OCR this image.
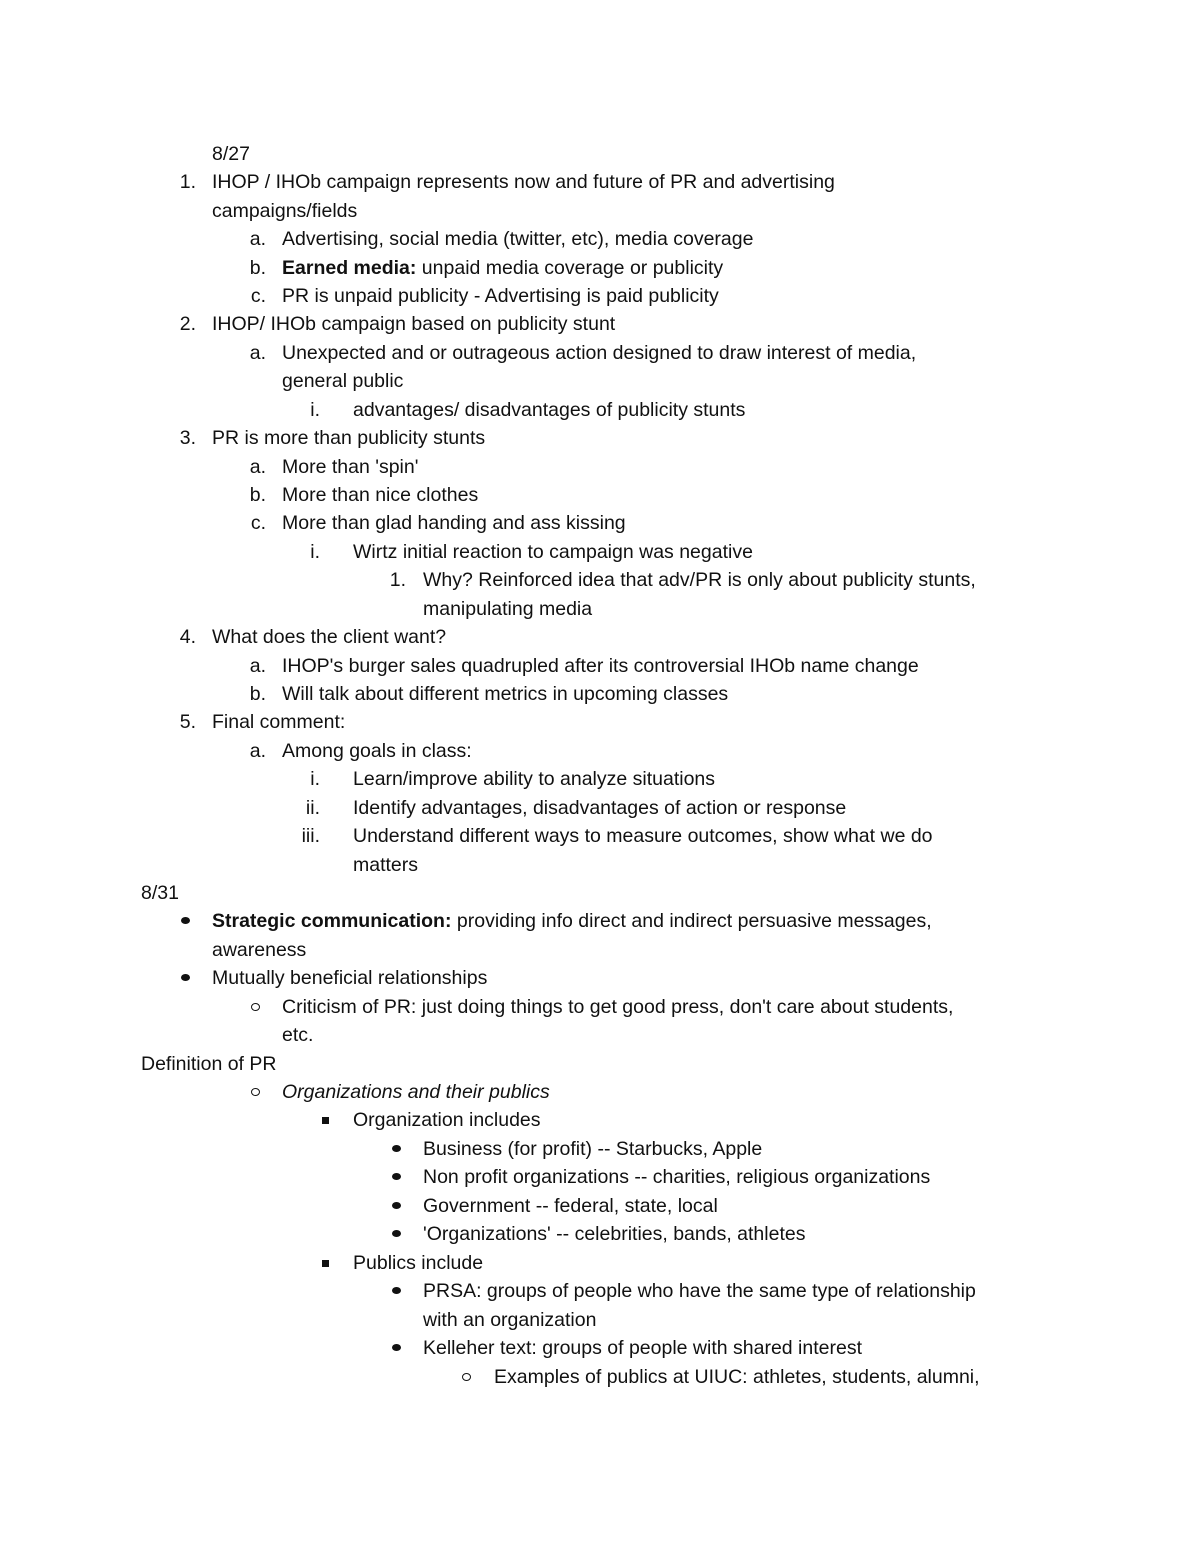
8/27
1. IHOP / IHOb campaign represents now and future of PR and advertising
campaigns/fields
a. Advertising, social media (twitter, etc), media coverage
b. Earned media: unpaid media coverage or publicity
c. PR is unpaid publicity - Advertising is paid publicity
2. IHOP/ IHOb campaign based on publicity stunt
a. Unexpected and or outrageous action designed to draw interest of media,
general public
i. advantages/ disadvantages of publicity stunts
3. PR is more than publicity stunts
a. More than 'spin'
b. More than nice clothes
c. More than glad handing and ass kissing
i. Wirtz initial reaction to campaign was negative
1. Why? Reinforced idea that adv/PR is only about publicity stunts,
manipulating media
4. What does the client want?
a. IHOP's burger sales quadrupled after its controversial IHOb name change
b. Will talk about different metrics in upcoming classes
5. Final comment:
a. Among goals in class:
i. Learn/improve ability to analyze situations
ii. Identify advantages, disadvantages of action or response
iii. Understand different ways to measure outcomes, show what we do
matters
8/31
Strategic communication: providing info direct and indirect persuasive messages,
awareness
Mutually beneficial relationships
Criticism of PR: just doing things to get good press, don't care about students,
etc.
Definition of PR
Organizations and their publics
Organization includes
Business (for profit) -- Starbucks, Apple
Non profit organizations -- charities, religious organizations
Government -- federal, state, local
'Organizations' -- celebrities, bands, athletes
Publics include
PRSA: groups of people who have the same type of relationship
with an organization
Kelleher text: groups of people with shared interest
Examples of publics at UIUC: athletes, students, alumni,
